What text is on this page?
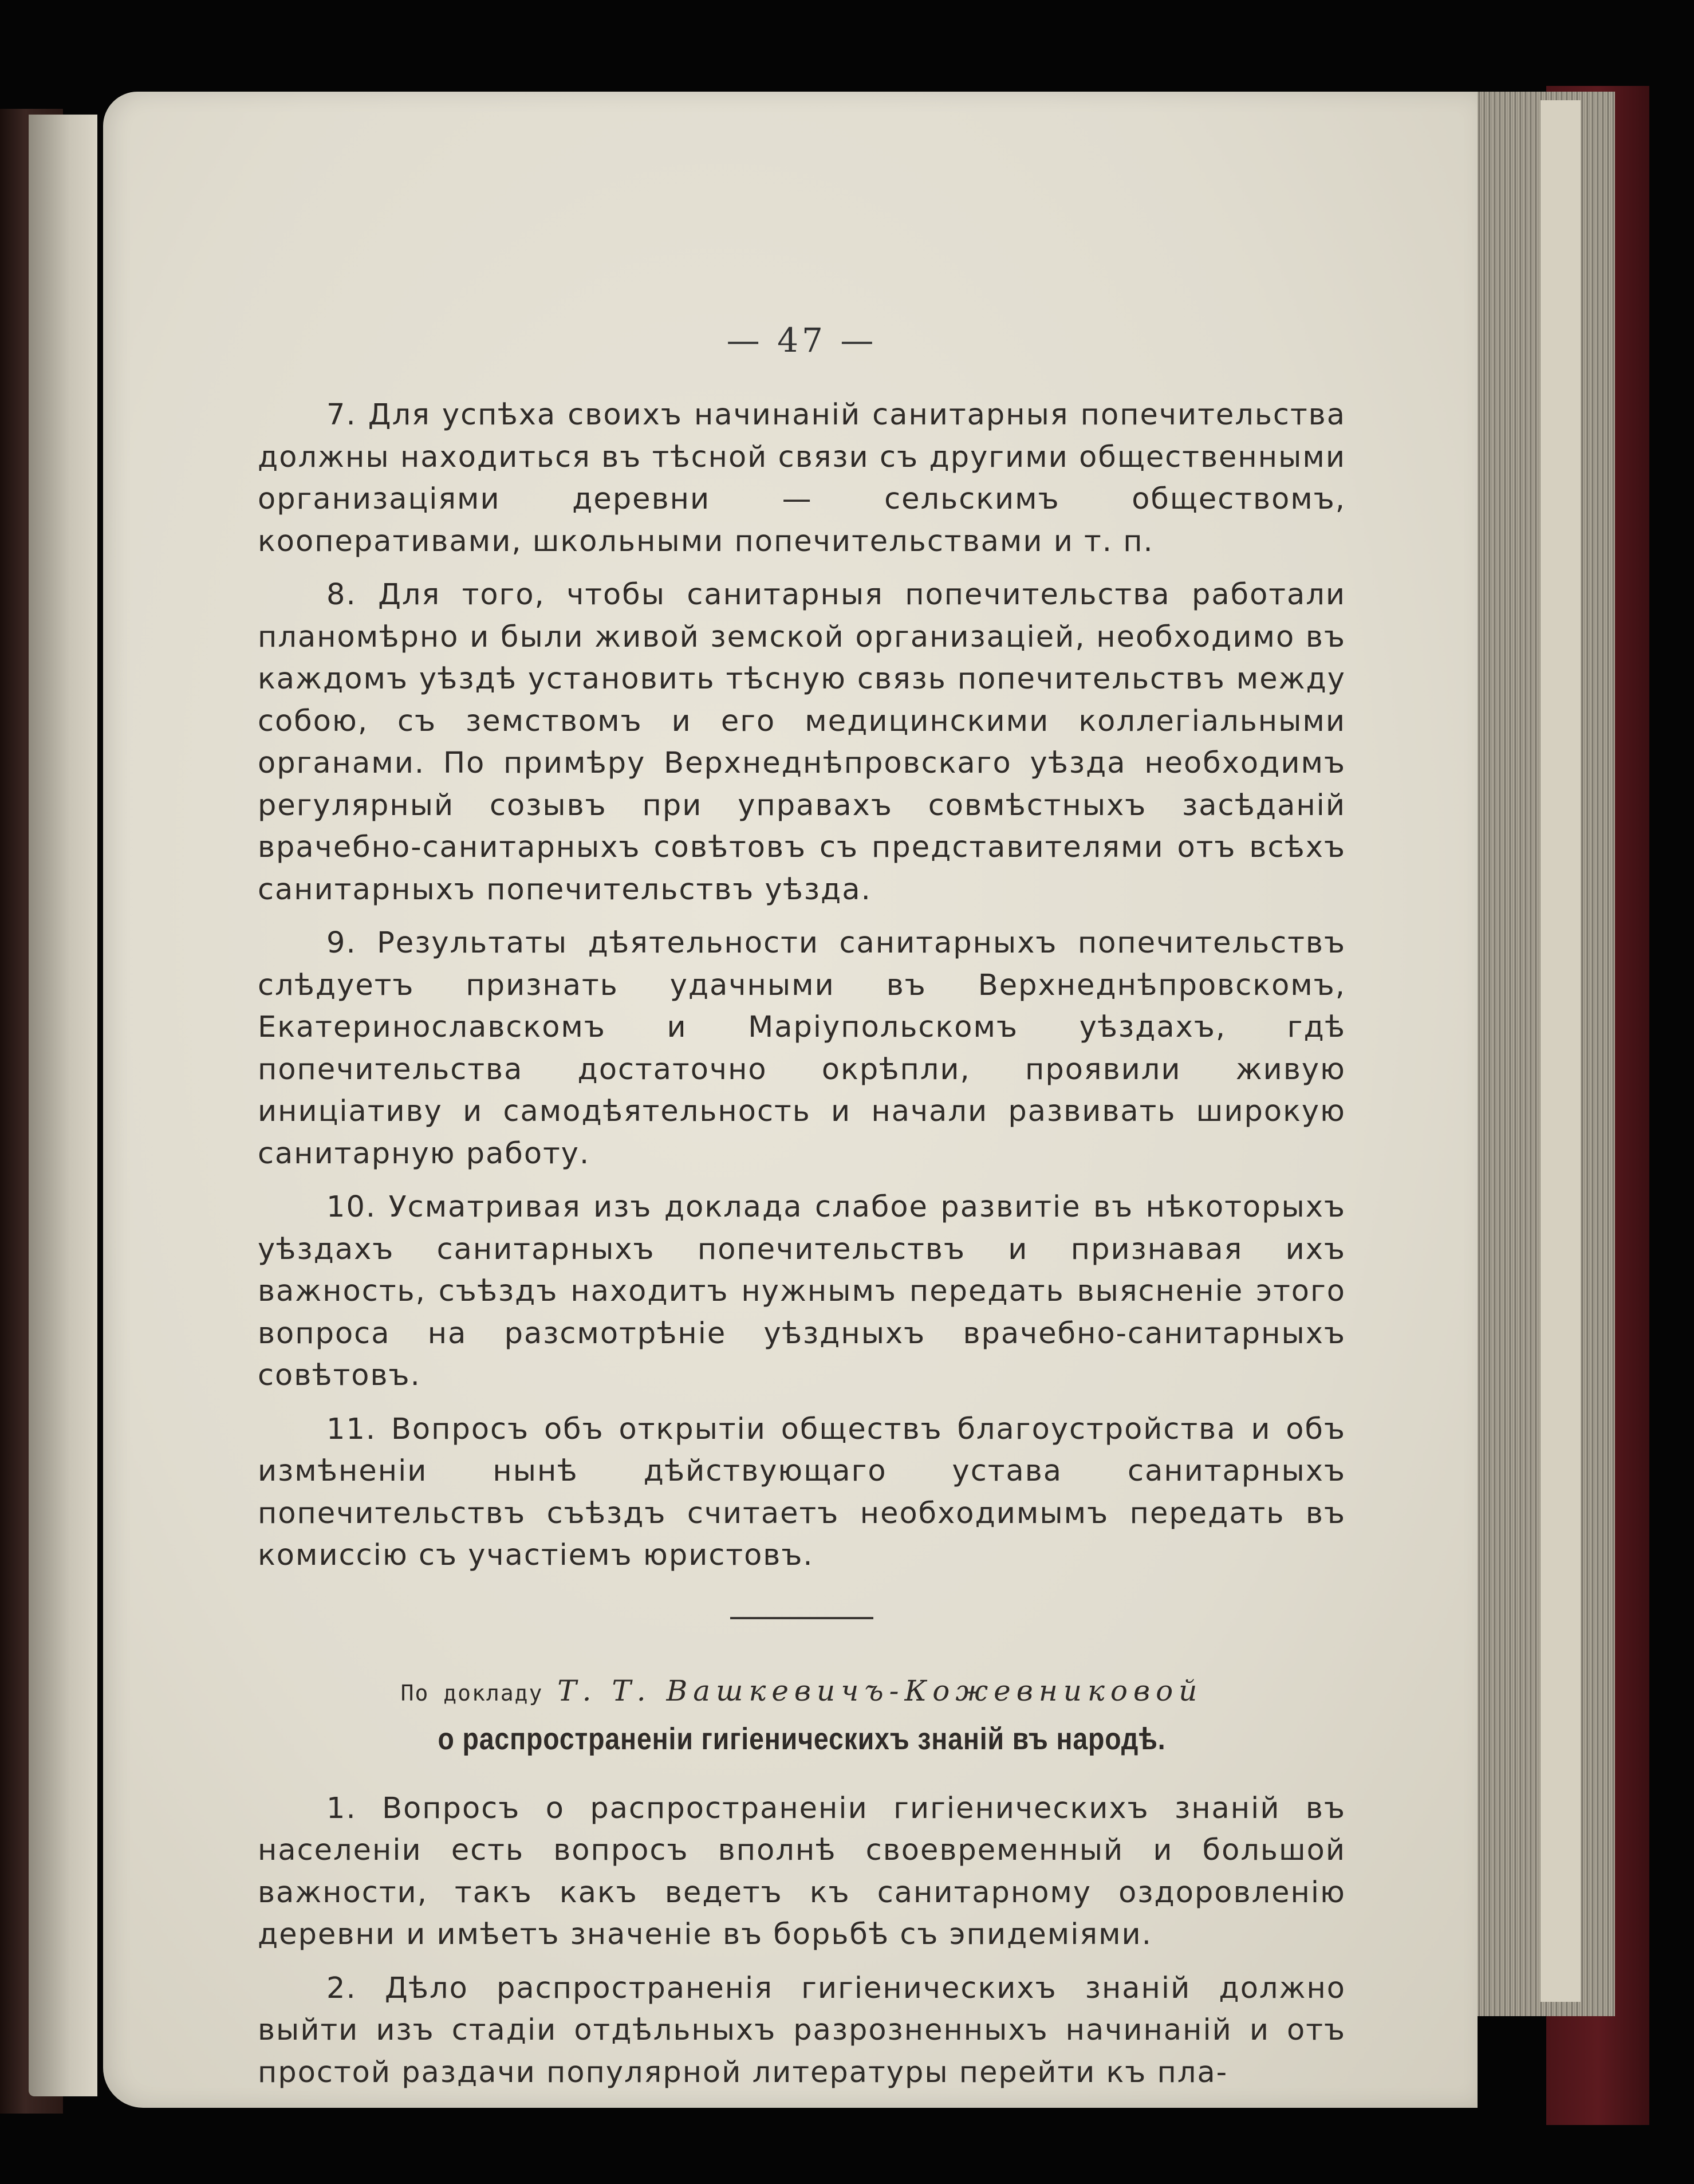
— 47 —

7. Для успѣха своихъ начинаній санитарныя попечительства должны находиться въ тѣсной связи съ другими общественными организаціями деревни — сельскимъ обществомъ, кооперативами, школьными попечительствами и т. п.

8. Для того, чтобы санитарныя попечительства работали планомѣрно и были живой земской организаціей, необходимо въ каждомъ уѣздѣ установить тѣсную связь попечительствъ между собою, съ земствомъ и его медицинскими коллегіальными органами. По примѣру Верхнеднѣпровскаго уѣзда необходимъ регулярный созывъ при управахъ совмѣстныхъ засѣданій врачебно-санитарныхъ совѣтовъ съ представителями отъ всѣхъ санитарныхъ попечительствъ уѣзда.

9. Результаты дѣятельности санитарныхъ попечительствъ слѣдуетъ признать удачными въ Верхнеднѣпровскомъ, Екатеринославскомъ и Маріупольскомъ уѣздахъ, гдѣ попечительства достаточно окрѣпли, проявили живую иниціативу и самодѣятельность и начали развивать широкую санитарную работу.

10. Усматривая изъ доклада слабое развитіе въ нѣкоторыхъ уѣздахъ санитарныхъ попечительствъ и признавая ихъ важность, съѣздъ находитъ нужнымъ передать выясненіе этого вопроса на разсмотрѣніе уѣздныхъ врачебно-санитарныхъ совѣтовъ.

11. Вопросъ объ открытіи обществъ благоустройства и объ измѣненіи нынѣ дѣйствующаго устава санитарныхъ попечительствъ съѣздъ считаетъ необходимымъ передать въ комиссію съ участіемъ юристовъ.

По докладу Т. Т. Вашкевичъ-Кожевниковой
о распространеніи гигіеническихъ знаній въ народѣ.

1. Вопросъ о распространеніи гигіеническихъ знаній въ населеніи есть вопросъ вполнѣ своевременный и большой важности, такъ какъ ведетъ къ санитарному оздоровленію деревни и имѣетъ значеніе въ борьбѣ съ эпидеміями.

2. Дѣло распространенія гигіеническихъ знаній должно выйти изъ стадіи отдѣльныхъ разрозненныхъ начинаній и отъ простой раздачи популярной литературы перейти къ пла-
